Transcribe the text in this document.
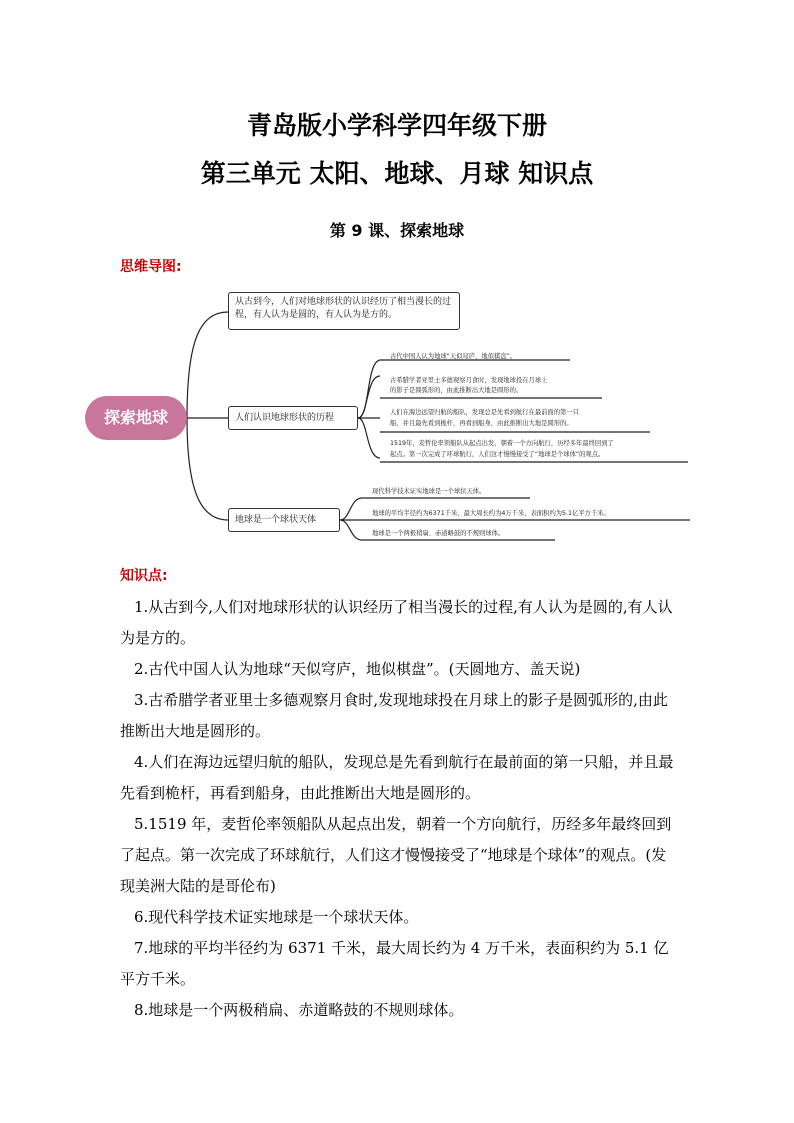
青岛版小学科学四年级下册
第三单元 太阳、地球、月球 知识点
第 9 课、探索地球
思维导图:
探索地球
从古到今，人们对地球形状的认识经历了相当漫长的过程，有人认为是圆的，有人认为是方的。
人们认识地球形状的历程
地球是一个球状天体
古代中国人认为地球“天似穹庐，地似棋盘”。
古希腊学者亚里士多德观察月食时，发现地球投在月球上
的影子是圆弧形的，由此推断出大地是圆形的。
人们在海边远望归航的船队，发现总是先看到航行在最前面的第一只
船，并且最先看到桅杆，再看到船身，由此推断出大地是圆形的。
1519年，麦哲伦率领船队从起点出发，朝着一个方向航行，历经多年最终回到了
起点。第一次完成了环球航行，人们这才慢慢接受了“地球是个球体”的观点。
现代科学技术证实地球是一个球状天体。
地球的平均半径约为6371千米，最大周长约为4万千米，表面积约为5.1亿平方千米。
地球是一个两极稍扁、赤道略鼓的不规则球体。
知识点:

1.从古到今,人们对地球形状的认识经历了相当漫长的过程,有人认为是圆的,有人认为是方的。

2.古代中国人认为地球“天似穹庐，地似棋盘”。(天圆地方、盖天说)

3.古希腊学者亚里士多德观察月食时,发现地球投在月球上的影子是圆弧形的,由此推断出大地是圆形的。

4.人们在海边远望归航的船队，发现总是先看到航行在最前面的第一只船，并且最先看到桅杆，再看到船身，由此推断出大地是圆形的。

5.1519 年，麦哲伦率领船队从起点出发，朝着一个方向航行，历经多年最终回到了起点。第一次完成了环球航行，人们这才慢慢接受了“地球是个球体”的观点。(发现美洲大陆的是哥伦布)

6.现代科学技术证实地球是一个球状天体。

7.地球的平均半径约为 6371 千米，最大周长约为 4 万千米，表面积约为 5.1 亿平方千米。

8.地球是一个两极稍扁、赤道略鼓的不规则球体。
